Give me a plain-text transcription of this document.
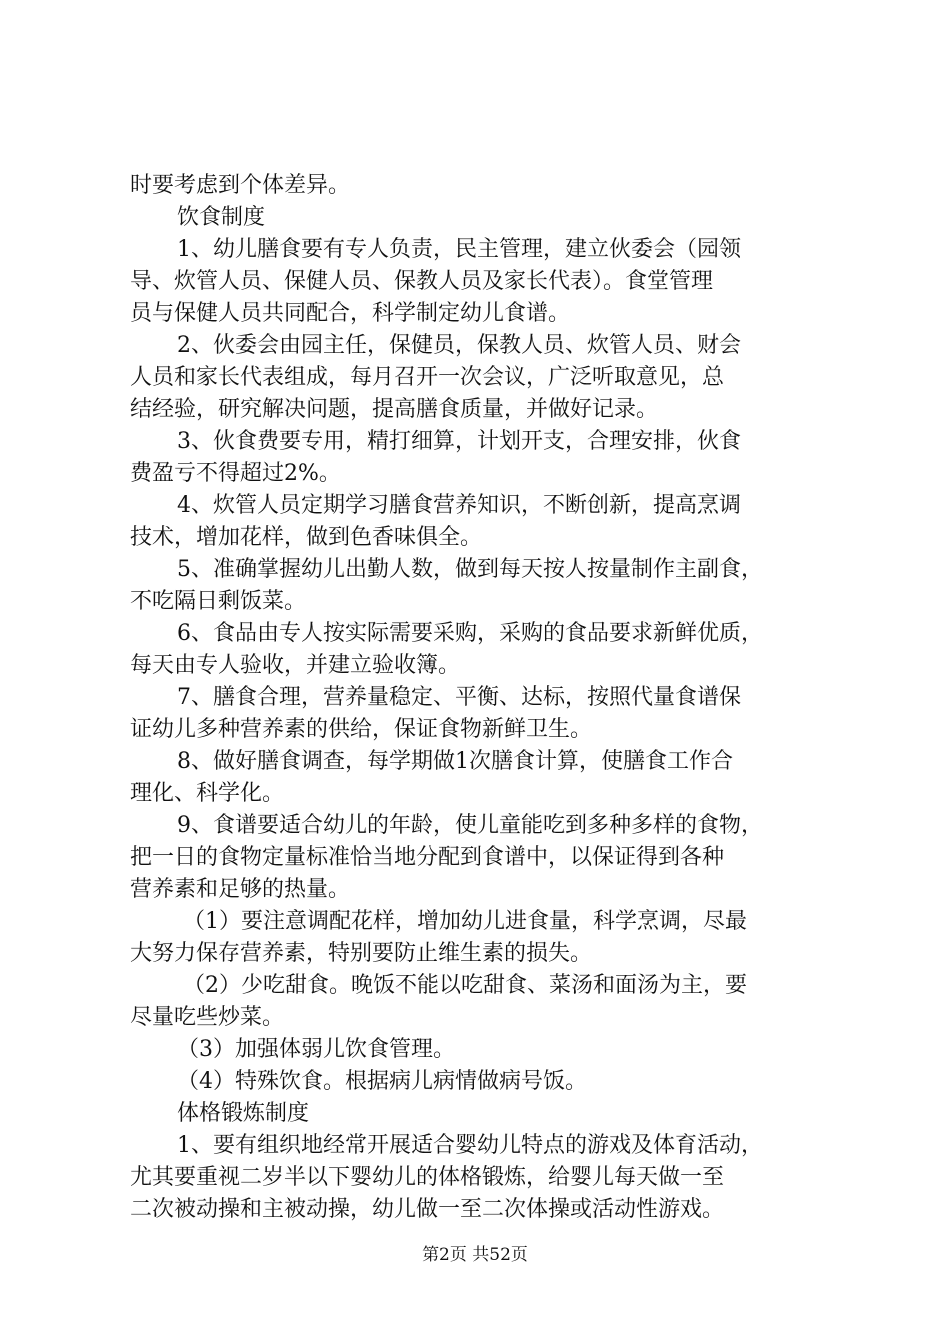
时要考虑到个体差异。
饮食制度
1、幼儿膳食要有专人负责，民主管理，建立伙委会（园领
导、炊管人员、保健人员、保教人员及家长代表）。食堂管理
员与保健人员共同配合，科学制定幼儿食谱。
2、伙委会由园主任，保健员，保教人员、炊管人员、财会
人员和家长代表组成，每月召开一次会议，广泛听取意见，总
结经验，研究解决问题，提高膳食质量，并做好记录。
3、伙食费要专用，精打细算，计划开支，合理安排，伙食
费盈亏不得超过2%。
4、炊管人员定期学习膳食营养知识，不断创新，提高烹调
技术，增加花样，做到色香味俱全。
5、准确掌握幼儿出勤人数，做到每天按人按量制作主副食，
不吃隔日剩饭菜。
6、食品由专人按实际需要采购，采购的食品要求新鲜优质，
每天由专人验收，并建立验收簿。
7、膳食合理，营养量稳定、平衡、达标，按照代量食谱保
证幼儿多种营养素的供给，保证食物新鲜卫生。
8、做好膳食调查，每学期做1次膳食计算，使膳食工作合
理化、科学化。
9、食谱要适合幼儿的年龄，使儿童能吃到多种多样的食物，
把一日的食物定量标准恰当地分配到食谱中，以保证得到各种
营养素和足够的热量。
（1）要注意调配花样，增加幼儿进食量，科学烹调，尽最
大努力保存营养素，特别要防止维生素的损失。
（2）少吃甜食。晚饭不能以吃甜食、菜汤和面汤为主，要
尽量吃些炒菜。
（3）加强体弱儿饮食管理。
（4）特殊饮食。根据病儿病情做病号饭。
体格锻炼制度
1、要有组织地经常开展适合婴幼儿特点的游戏及体育活动，
尤其要重视二岁半以下婴幼儿的体格锻炼，给婴儿每天做一至
二次被动操和主被动操，幼儿做一至二次体操或活动性游戏。
第2页 共52页
